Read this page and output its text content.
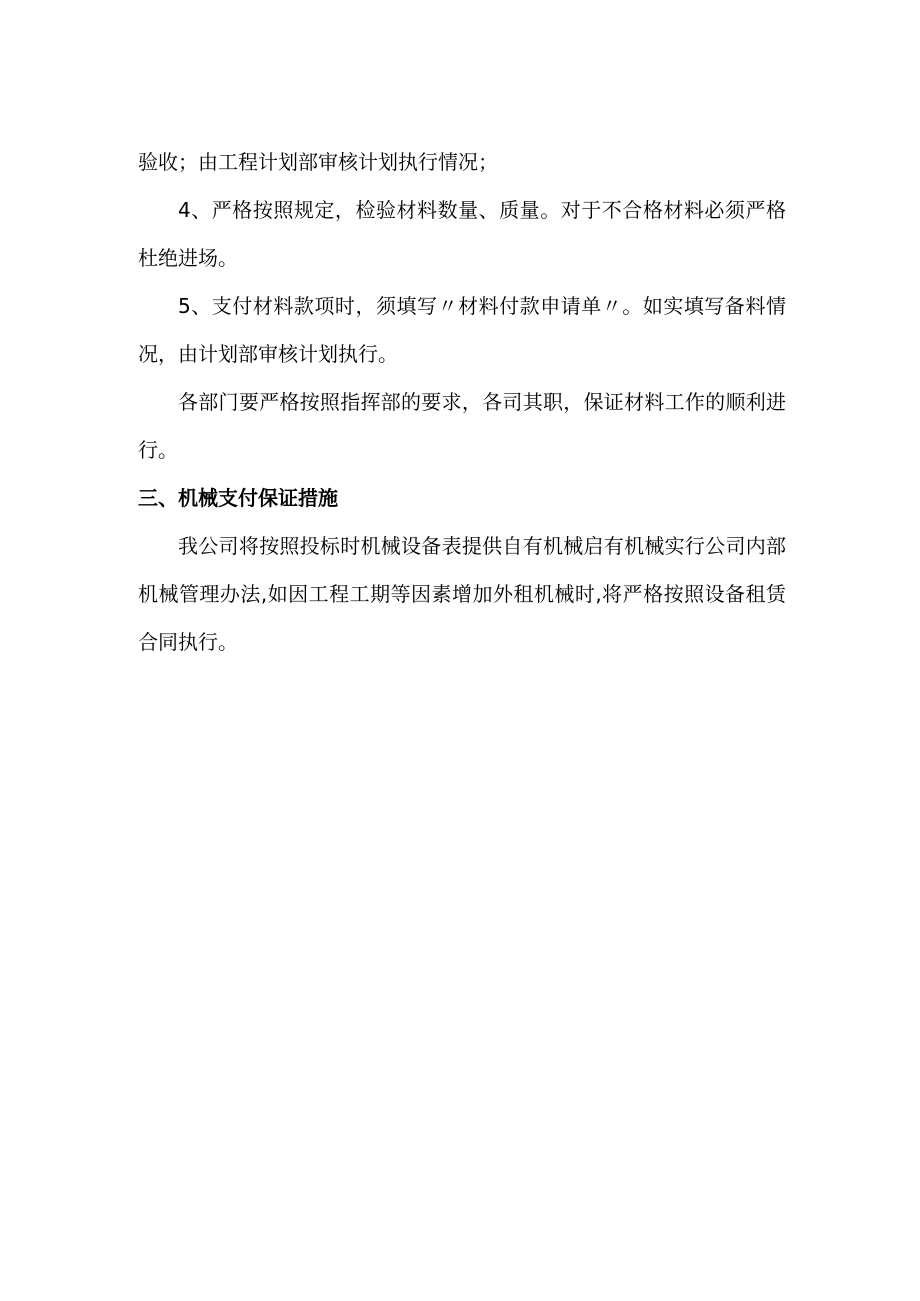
验收；由工程计划部审核计划执行情况；

4、严格按照规定，检验材料数量、质量。对于不合格材料必须严格杜绝进场。

5、支付材料款项时，须填写〃材料付款申请单〃。如实填写备料情况，由计划部审核计划执行。

各部门要严格按照指挥部的要求，各司其职，保证材料工作的顺利进行。

三、机械支付保证措施

我公司将按照投标时机械设备表提供自有机械启有机械实行公司内部机械管理办法,如因工程工期等因素增加外租机械时,将严格按照设备租赁合同执行。
